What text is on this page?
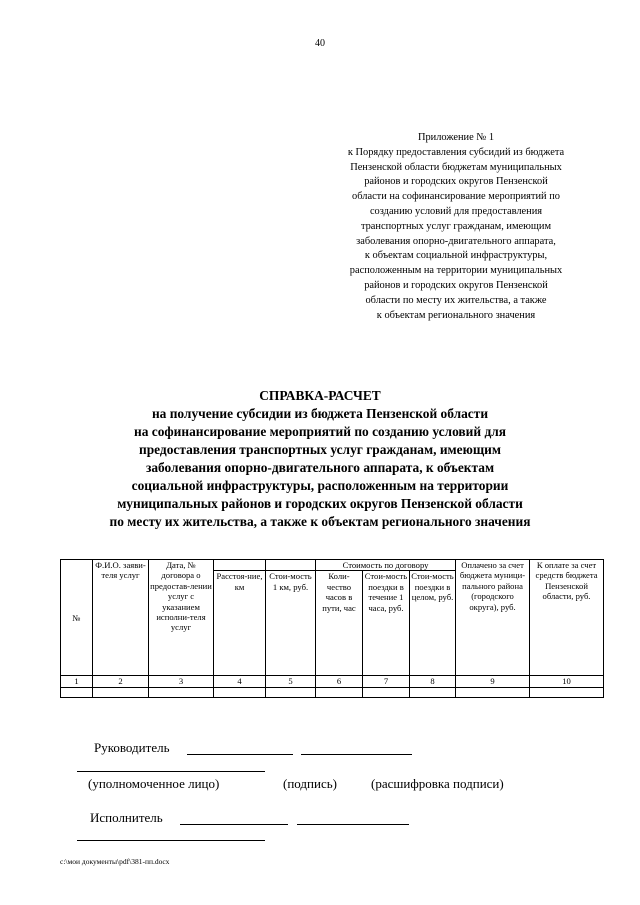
40
Приложение № 1
к Порядку предоставления субсидий из бюджета
Пензенской области бюджетам муниципальных
районов и городских округов Пензенской
области на софинансирование мероприятий по
созданию условий для предоставления
транспортных услуг гражданам, имеющим
заболевания опорно-двигательного аппарата,
к объектам социальной инфраструктуры,
расположенным на территории муниципальных
районов и городских округов Пензенской
области по месту их жительства, а также
к объектам регионального значения
СПРАВКА-РАСЧЕТ
на получение субсидии из бюджета Пензенской области
на софинансирование мероприятий по созданию условий для
предоставления транспортных услуг гражданам, имеющим
заболевания опорно-двигательного аппарата, к объектам
социальной инфраструктуры, расположенным на территории
муниципальных районов и городских округов Пензенской области
по месту их жительства, а также к объектам регионального значения
№	Ф.И.О. заяви-теля услуг	Дата, № договора о предостав-лении услуг с указанием исполни-теля услуг			Стоимость по договору			Оплачено за счет бюджета муници-пального района (городского округа), руб.	К оплате за счет средств бюджета Пензенской области, руб.
			Расстоя-ние, км	Стои-мость 1 км, руб.	Коли-чество часов в пути, час	Стои-мость поездки в течение 1 часа, руб.	Стои-мость поездки в целом, руб.		
1	2	3	4	5	6	7	8	9	10

Руководитель
(уполномоченное лицо)	(подпись)	(расшифровка подписи)
Исполнитель
c:\мои документы\pdf\381-пп.docx
